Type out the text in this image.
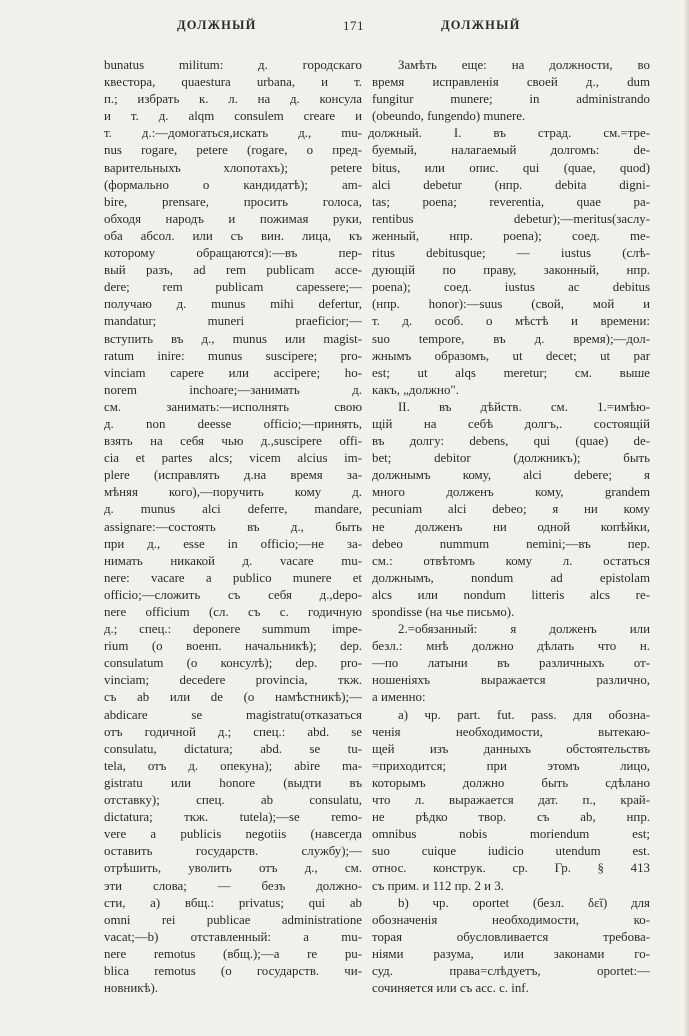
ДОЛЖНЫЙ	171	ДОЛЖНЫЙ
bunatus militum: д. городскаго
квестора, quaestura urbana, и т.
п.; избрать к. л. на д. консула
и т. д. alqm consulem creare и
т. д.:—домогаться,искать д., mu-
nus rogare, petere (rogare, о пред-
варительныхъ хлопотахъ); petere
(формально о кандидатѣ); am-
bire, prensare, просить голоса,
обходя народъ и пожимая руки,
оба абсол. или съ вин. лица, къ
которому обращаются):—въ пер-
вый разъ, ad rem publicam acce-
dere; rem publicam capessere;—
получаю д. munus mihi defertur,
mandatur; muneri praeficior;—
вступить въ д., munus или magist-
ratum inire: munus suscipere; pro-
vinciam capere или accipere; ho-
norem inchoare;—занимать д.
см. занимать:—исполнять свою
д. non deesse officio;—принять,
взять на себя чью д.,suscipere offi-
cia et partes alcs; vicem alcius im-
plere (исправлять д.на время за-
мѣняя кого),—поручить кому д.
д. munus alci deferre, mandare,
assignare:—состоять въ д., быть
при д., esse in officio;—не за-
нимать никакой д. vacare mu-
nere: vacare a publico munere et
officio;—сложить съ себя д.,depo-
nere officium (сл. съ с. годичную
д.; спец.: deponere summum impe-
rium (о военп. начальникѣ); dep.
consulatum (о консулѣ); dep. pro-
vinciam; decedere provincia, ткж.
съ ab или de (о намѣстникѣ);—
abdicare se magistratu(отказаться
отъ годичной д.; спец.: abd. se
consulatu, dictatura; abd. se tu-
tela, отъ д. опекуна); abire ma-
gistratu или honore (выдти въ
отставку); спец. ab consulatu,
dictatura; ткж. tutela);—se remo-
vere a publicis negotiis (навсегда
оставить государств. службу);—
отрѣшить, уволить отъ д., см.
эти слова; — безъ должно-
сти, а) вбщ.: privatus; qui ab
omni rei publicae administratione
vacat;—b) отставленный: a mu-
nere remotus (вбщ.);—a re pu-
blica remotus (о государств. чи-
новникѣ).
Замѣть еще: на должности, во
время исправленія своей д., dum
fungitur munere; in administrando
(obeundo, fungendo) munere.
должный. I. въ страд. см.=тре-
буемый, налагаемый долгомъ: de-
bitus, или опис. qui (quae, quod)
alci debetur (нпр. debita digni-
tas; poena; reverentia, quae pa-
rentibus debetur);—meritus(заслу-
женный, нпр. poena); соед. me-
ritus debitusque; — iustus (слѣ-
дующій по праву, законный, нпр.
poena); соед. iustus ac debitus
(нпр. honor):—suus (свой, мой и
т. д. особ. о мѣстѣ и времени:
suo tempore, въ д. время);—дол-
жнымъ образомъ, ut decet; ut par
est; ut alqs meretur; см. выше
какъ, „должно".
II. въ дѣйств. см. 1.=имѣю-
щій на себѣ долгъ,. состоящій
въ долгу: debens, qui (quae) de-
bet; debitor (должникъ); быть
должнымъ кому, alci debere; я
много долженъ кому, grandem
pecuniam alci debeo; я ни кому
не долженъ ни одной копѣйки,
debeo nummum nemini;—въ пер.
см.: отвѣтомъ кому л. остаться
должнымъ, nondum ad epistolam
alcs или nondum litteris alcs re-
spondisse (на чье письмо).
2.=обязанный: я долженъ или
безл.: мнѣ должно дѣлать что н.
—по латыни въ различныхъ от-
ношеніяхъ выражается различно,
а именно:
а) чр. part. fut. pass. для обозна-
ченія необходимости, вытекаю-
щей изъ данныхъ обстоятельствъ
=приходится; при этомъ лицо,
которымъ должно быть сдѣлано
что л. выражается дат. п., край-
не рѣдко твор. съ ab, нпр.
omnibus nobis moriendum est;
suo cuique iudicio utendum est.
относ. конструк. ср. Гр. § 413
съ прим. и 112 пр. 2 и 3.
b) чр. oportet (безл. δεῖ) для
обозначенія необходимости, ко-
торая обусловливается требова-
ніями разума, или законами го-
суд. права=слѣдуетъ, oportet:—
сочиняется или съ acc. c. inf.
